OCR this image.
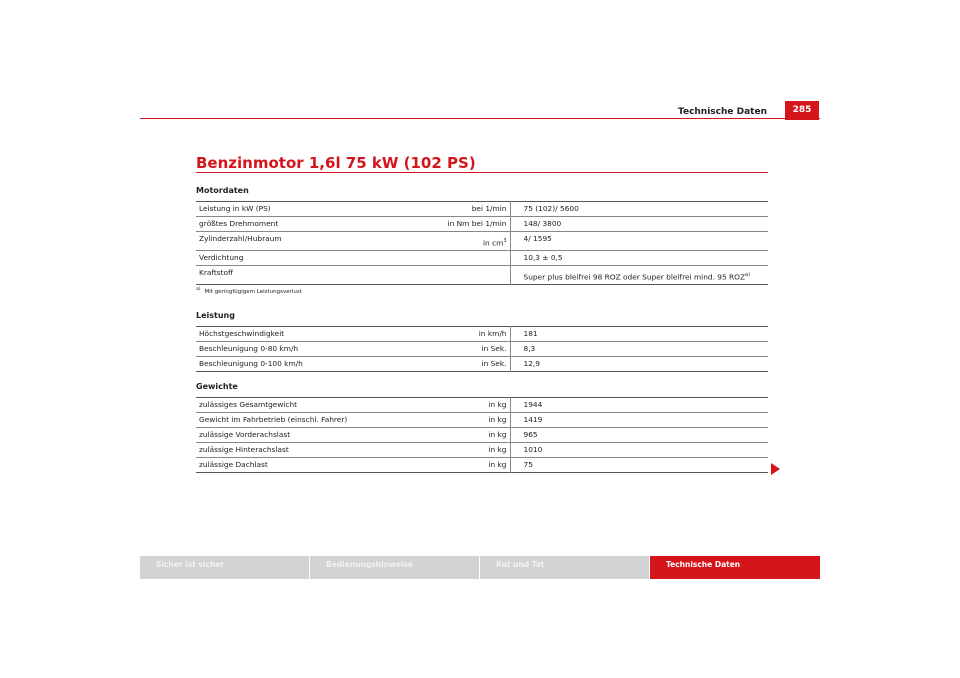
Technische Daten	285
Benzinmotor 1,6l 75 kW (102 PS)
Motordaten
Leistung in kW (PS)	bei 1/min	75 (102)/ 5600
größtes Drehmoment	in Nm bei 1/min	148/ 3800
Zylinderzahl/Hubraum	in $cm^3$	4/ 1595
Verdichtung		10,3 ± 0,5
Kraftstoff		Super plus bleifrei 98 ROZ oder Super bleifrei mind. 95 ROZ$^{a)}$
$^{a)}$ Mit geringfügigem Leistungsverlust
Leistung
Höchstgeschwindigkeit	in km/h	181
Beschleunigung 0-80 km/h	in Sek.	8,3
Beschleunigung 0-100 km/h	in Sek.	12,9
Gewichte
zulässiges Gesamtgewicht	in kg	1944
Gewicht im Fahrbetrieb (einschl. Fahrer)	in kg	1419
zulässige Vorderachslast	in kg	965
zulässige Hinterachslast	in kg	1010
zulässige Dachlast	in kg	75
Sicher ist sicher	Bedienungshinweise	Rat und Tat	Technische Daten
